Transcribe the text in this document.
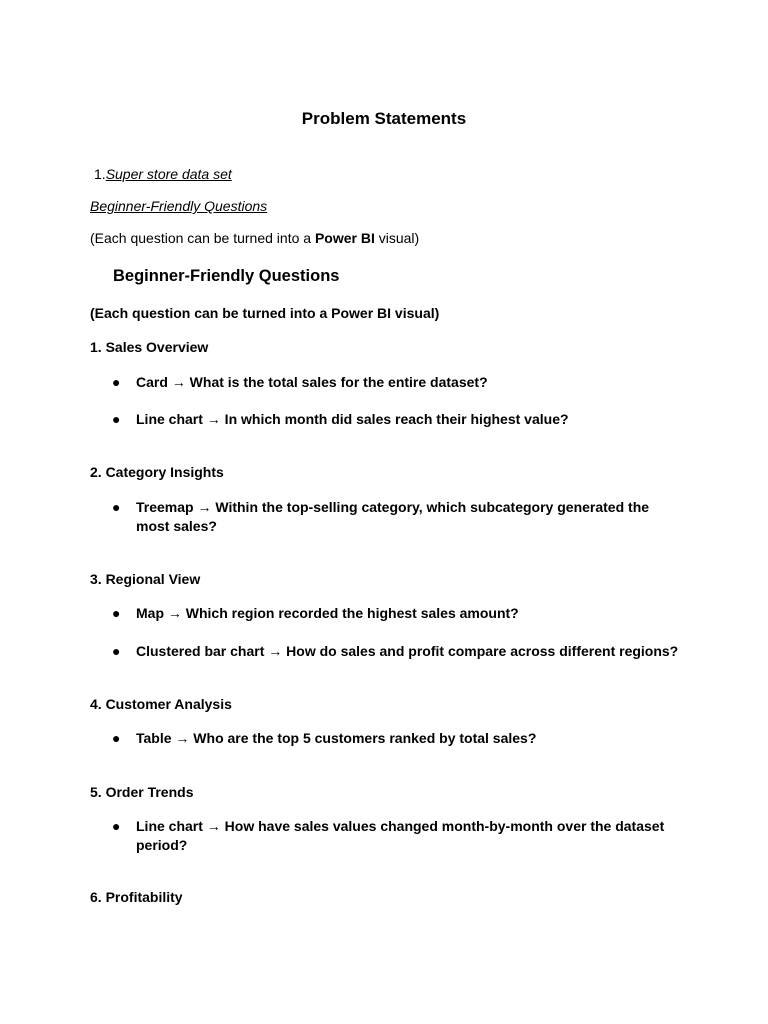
Problem Statements
1.Super store data set
Beginner-Friendly Questions
(Each question can be turned into a Power BI visual)
Beginner-Friendly Questions
(Each question can be turned into a Power BI visual)
1. Sales Overview
● Card → What is the total sales for the entire dataset?
● Line chart → In which month did sales reach their highest value?
2. Category Insights
● Treemap → Within the top-selling category, which subcategory generated the most sales?
3. Regional View
● Map → Which region recorded the highest sales amount?
● Clustered bar chart → How do sales and profit compare across different regions?
4. Customer Analysis
● Table → Who are the top 5 customers ranked by total sales?
5. Order Trends
● Line chart → How have sales values changed month-by-month over the dataset period?
6. Profitability
